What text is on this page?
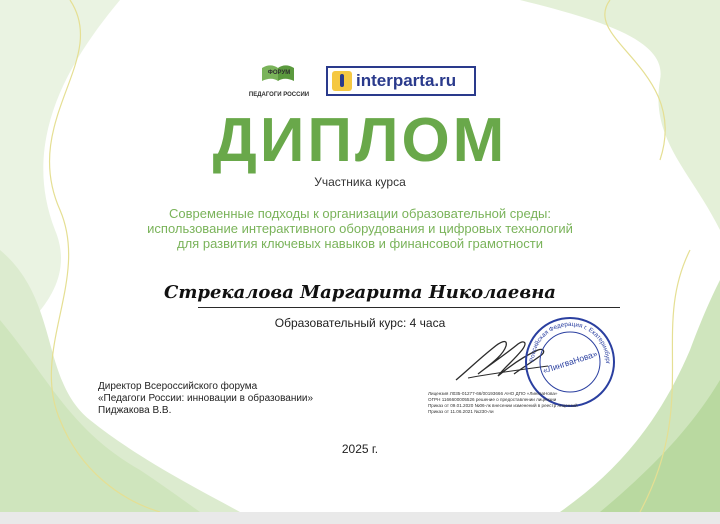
ФОРУМ
ПЕДАГОГИ РОССИИ
interparta.ru
ДИПЛОМ
Участника курса
Современные подходы к организации образовательной среды:
использование интерактивного оборудования и цифровых технологий
для развития ключевых навыков и финансовой грамотности
Стрекалова Маргарита Николаевна
Образовательный курс: 4 часа
Директор Всероссийского форума
«Педагоги России: инновации в образовании»
Пиджакова В.В.
Российская Федерация г. Екатеринбург
«ЛингваНова»
Лицензия Л035-01277-66/00193666 АНО ДПО «ЛингваНова»
ОГРН 1166600005526 решение о предоставлении лицензии
Приказ от 09.01.2020 №06-лк внесении изменений в реестр лицензий
Приказ от 11.06.2021 №230-ли
2025 г.
